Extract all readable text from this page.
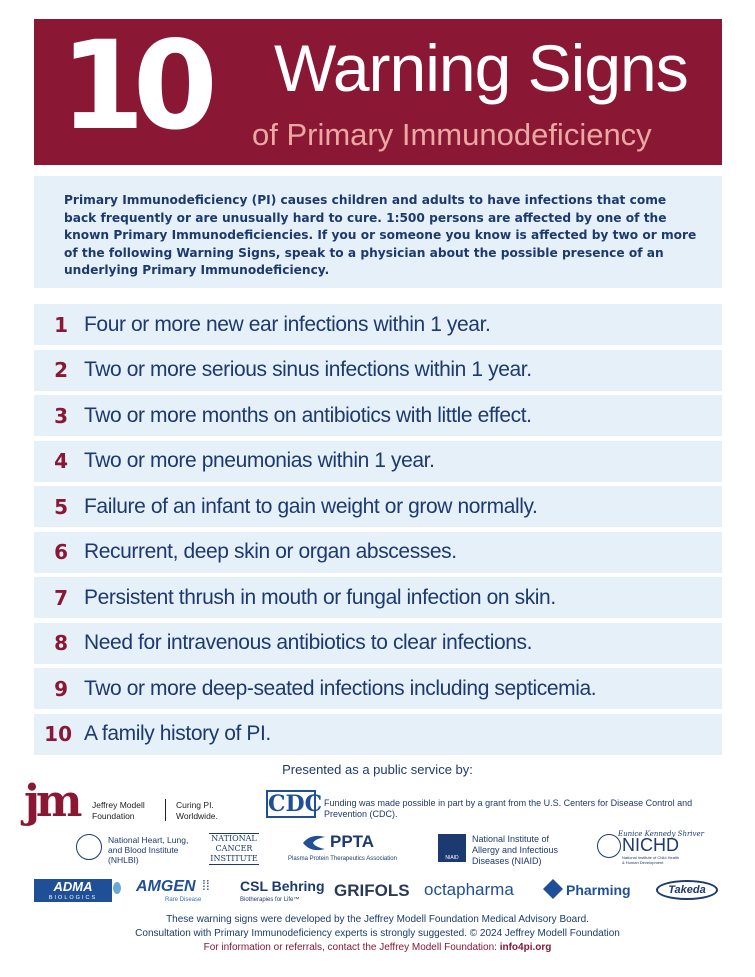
10 Warning Signs
of Primary Immunodeficiency
Primary Immunodeficiency (PI) causes children and adults to have infections that come back frequently or are unusually hard to cure. 1:500 persons are affected by one of the known Primary Immunodeficiencies. If you or someone you know is affected by two or more of the following Warning Signs, speak to a physician about the possible presence of an underlying Primary Immunodeficiency.
1 Four or more new ear infections within 1 year.
2 Two or more serious sinus infections within 1 year.
3 Two or more months on antibiotics with little effect.
4 Two or more pneumonias within 1 year.
5 Failure of an infant to gain weight or grow normally.
6 Recurrent, deep skin or organ abscesses.
7 Persistent thrush in mouth or fungal infection on skin.
8 Need for intravenous antibiotics to clear infections.
9 Two or more deep-seated infections including septicemia.
10 A family history of PI.
Presented as a public service by:
jm Jeffrey Modell
Foundation
Curing PI.
Worldwide. CDC Funding was made possible in part by a grant from the U.S. Centers for Disease Control and Prevention (CDC).
National Heart, Lung, and Blood Institute (NHLBI)
NATIONAL CANCER INSTITUTE
PPTA
Plasma Protein Therapeutics Association	NIAID
National Institute of Allergy and Infectious Diseases (NIAID)
Eunice Kennedy Shriver
NICHD
National Institute of Child Health & Human Development
ADMA
BIOLOGICS
AMGEN
Rare Disease
⁞⁞ CSL Behring
Biotherapies for Life™ GRIFOLS octapharma	Pharming	Takeda
These warning signs were developed by the Jeffrey Modell Foundation Medical Advisory Board.
Consultation with Primary Immunodeficiency experts is strongly suggested. © 2024 Jeffrey Modell Foundation
For information or referrals, contact the Jeffrey Modell Foundation: info4pi.org
